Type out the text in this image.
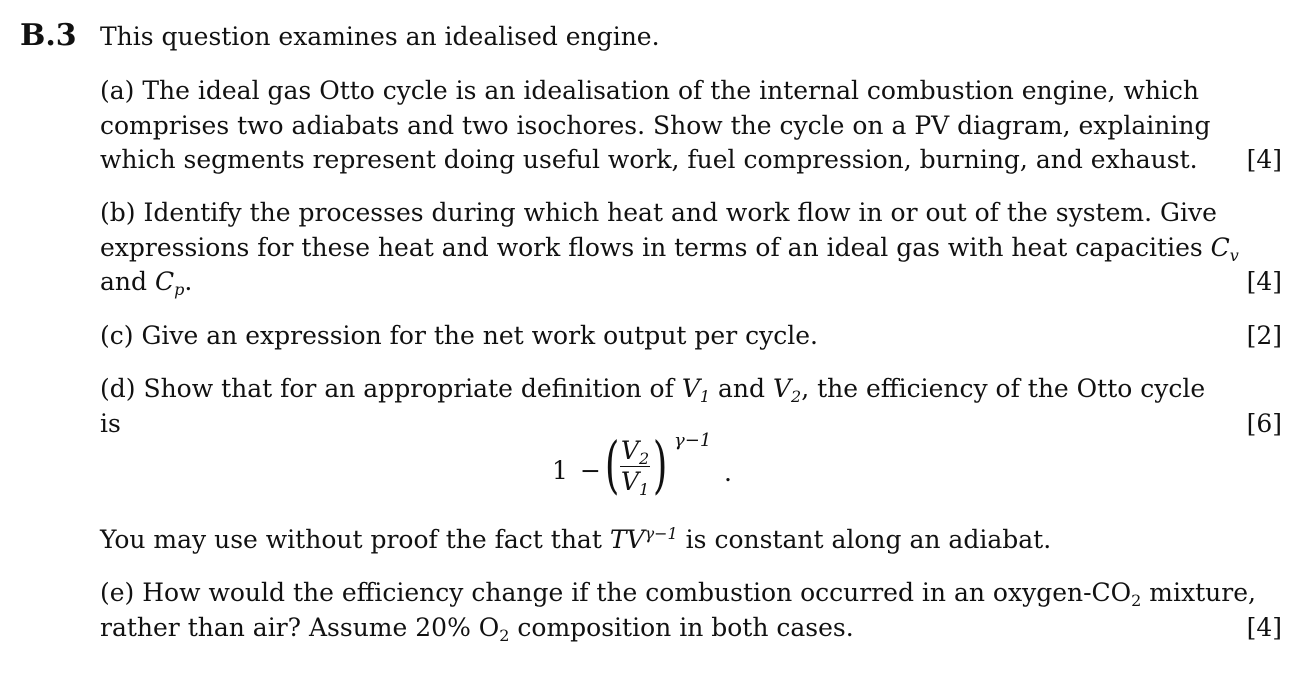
B.3 This question examines an idealised engine.
(a) The ideal gas Otto cycle is an idealisation of the internal combustion engine, which
comprises two adiabats and two isochores. Show the cycle on a PV diagram, explaining
which segments represent doing useful work, fuel compression, burning, and exhaust. [4]
(b) Identify the processes during which heat and work flow in or out of the system. Give
expressions for these heat and work flows in terms of an ideal gas with heat capacities $C_v$
and $C_p$.	[4]
(c) Give an expression for the net work output per cycle.	[2]
(d) Show that for an appropriate definition of $V_1$ and $V_2$, the efficiency of the Otto cycle
is	[6]
1 − ( $V_2$
$V_1$ ) γ−1
.
You may use without proof the fact that $TV^{\gamma-1}$ is constant along an adiabat.
(e) How would the efficiency change if the combustion occurred in an oxygen-$CO_2$ mixture,
rather than air? Assume 20% $O_2$ composition in both cases.	[4]
